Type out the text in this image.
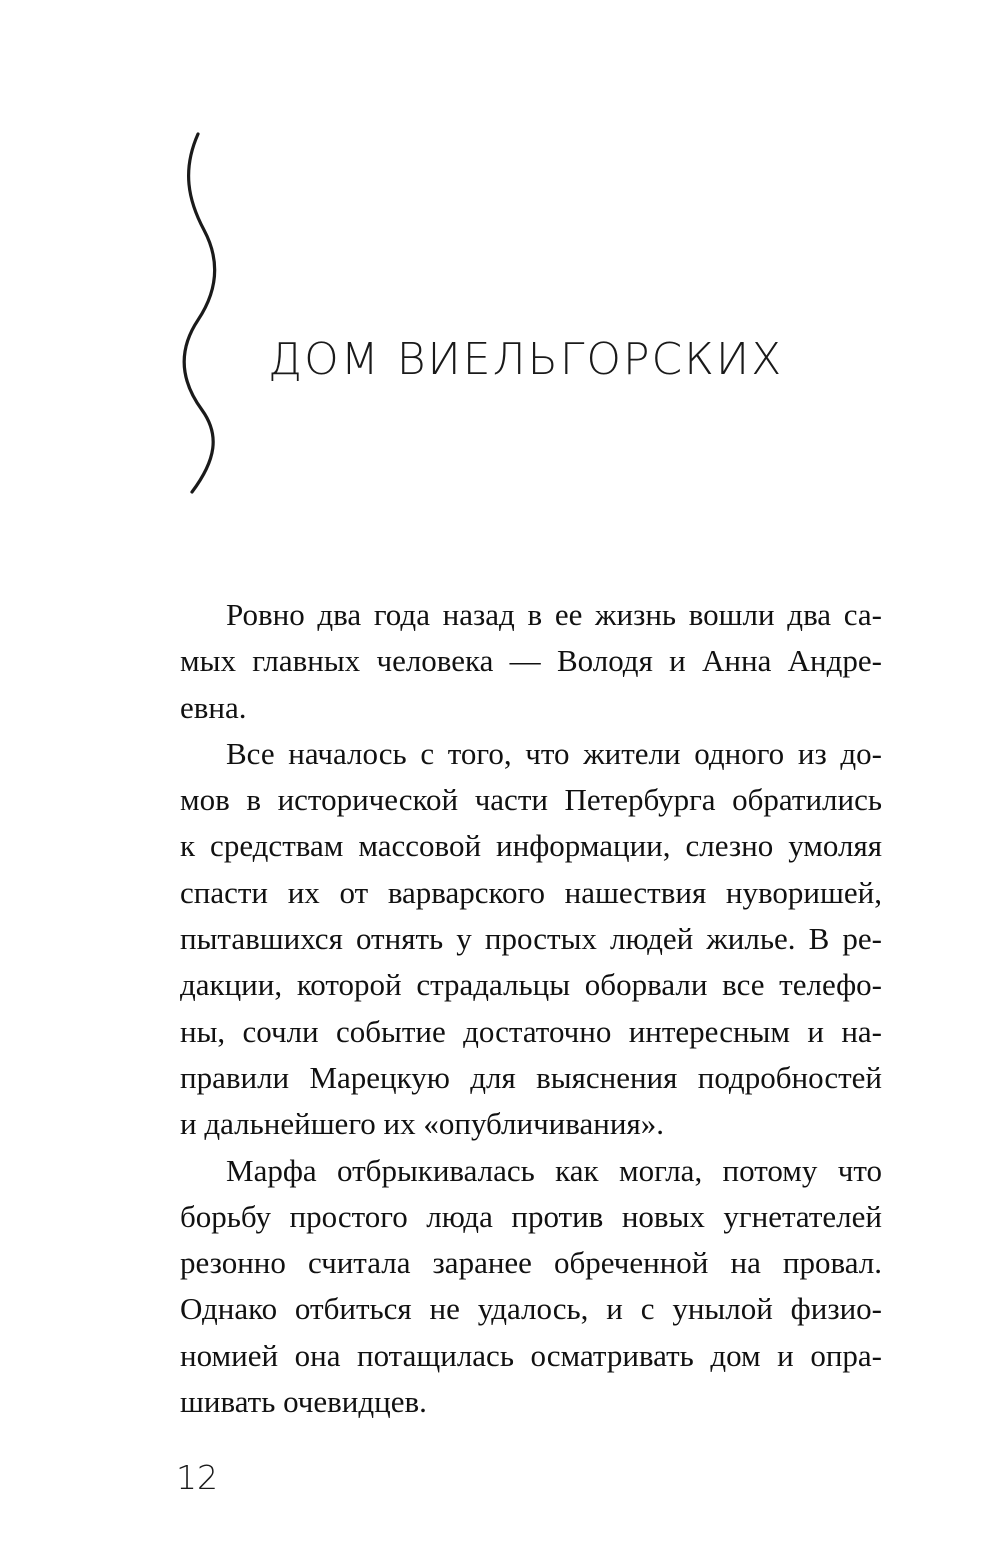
ДОМ ВИЕЛЬГОРСКИХ

Ровно два года назад в ее жизнь вошли два са-
мых главных человека — Володя и Анна Андре-
евна.

Все началось с того, что жители одного из до-
мов в исторической части Петербурга обратились
к средствам массовой информации, слезно умоляя
спасти их от варварского нашествия нуворишей,
пытавшихся отнять у простых людей жилье. В ре-
дакции, которой страдальцы оборвали все телефо-
ны, сочли событие достаточно интересным и на-
правили Марецкую для выяснения подробностей
и дальнейшего их «опубличивания».

Марфа отбрыкивалась как могла, потому что
борьбу простого люда против новых угнетателей
резонно считала заранее обреченной на провал.
Однако отбиться не удалось, и с унылой физио-
номией она потащилась осматривать дом и опра-
шивать очевидцев.

12
